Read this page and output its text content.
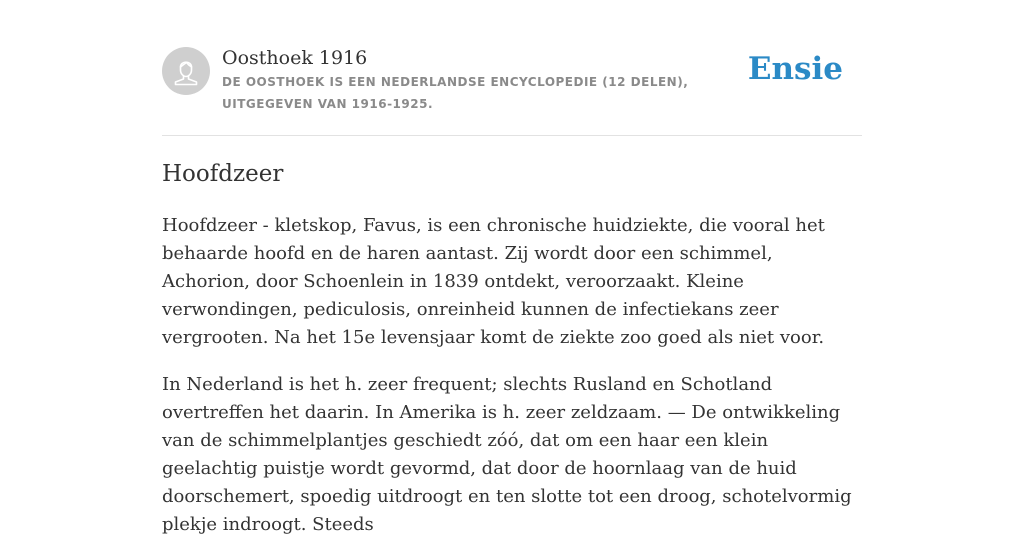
Oosthoek 1916
DE OOSTHOEK IS EEN NEDERLANDSE ENCYCLOPEDIE (12 DELEN), UITGEGEVEN VAN 1916-1925.
Ensie
Hoofdzeer

Hoofdzeer - kletskop, Favus, is een chronische huidziekte, die vooral het behaarde hoofd en de haren aantast. Zij wordt door een schimmel, Achorion, door Schoenlein in 1839 ontdekt, veroorzaakt. Kleine verwondingen, pediculosis, onreinheid kunnen de infectiekans zeer vergrooten. Na het 15e levensjaar komt de ziekte zoo goed als niet voor.

In Nederland is het h. zeer frequent; slechts Rusland en Schotland overtreffen het daarin. In Amerika is h. zeer zeldzaam. — De ontwikkeling van de schimmelplantjes geschiedt zóó, dat om een haar een klein geelachtig puistje wordt gevormd, dat door de hoornlaag van de huid doorschemert, spoedig uitdroogt en ten slotte tot een droog, schotelvormig plekje indroogt. Steeds
